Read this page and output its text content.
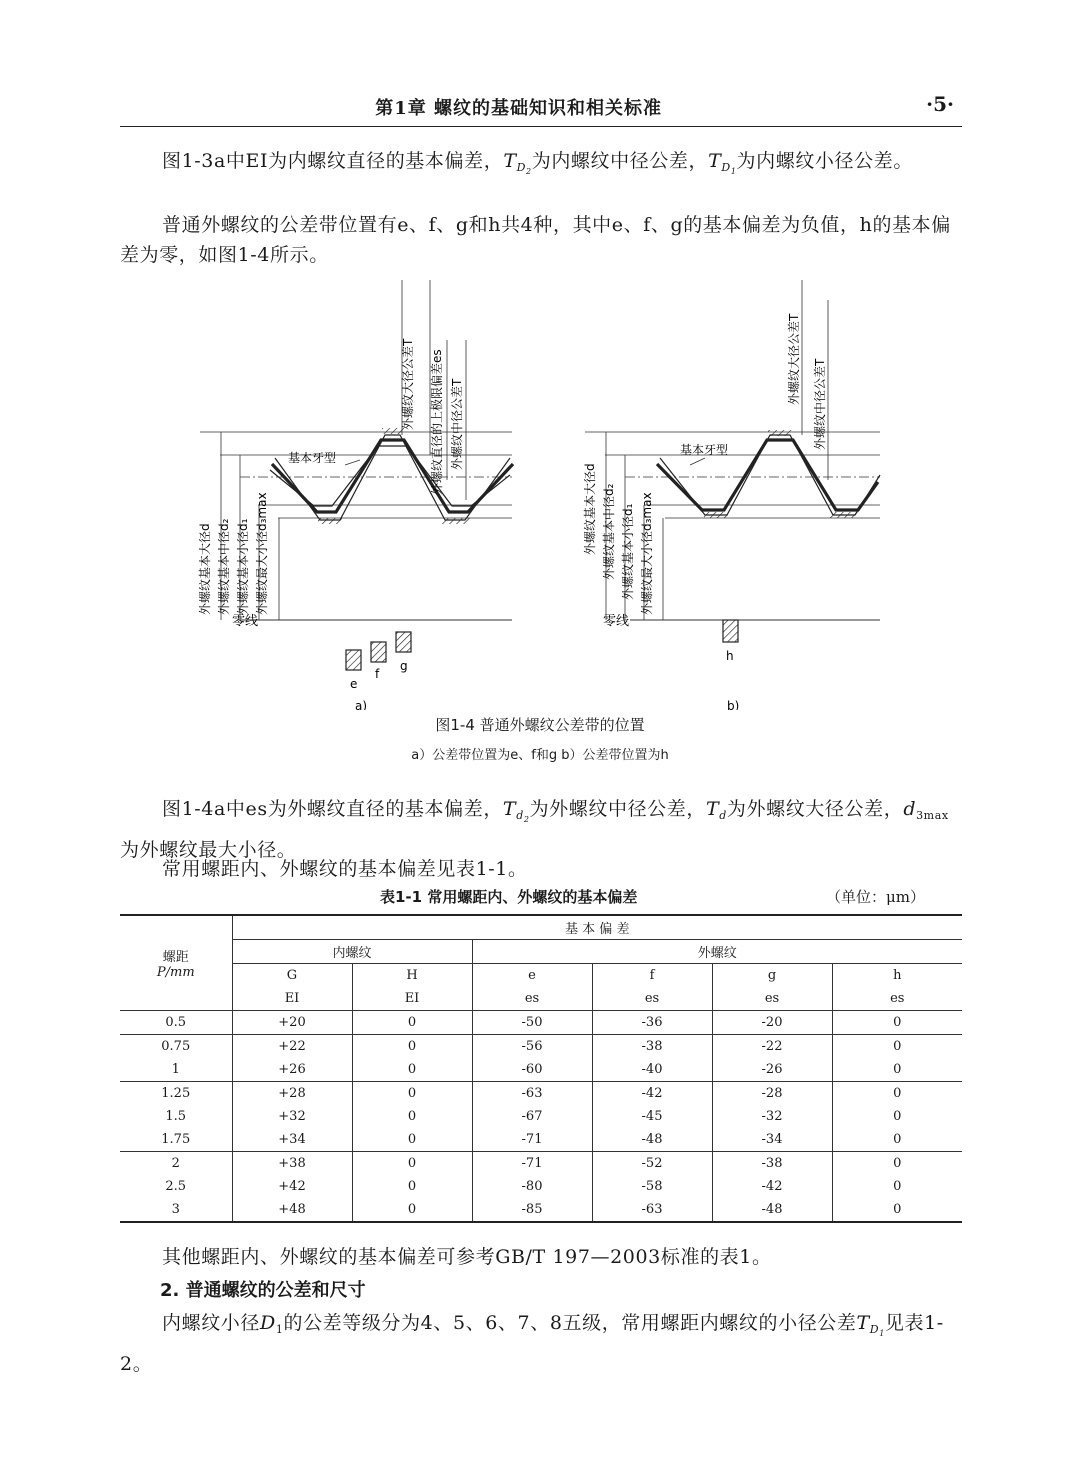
第1章 螺纹的基础知识和相关标准	·5·
图1-3a中EI为内螺纹直径的基本偏差，$T_{D_2}$为内螺纹中径公差，$T_{D_1}$为内螺纹小径公差。
普通外螺纹的公差带位置有e、f、g和h共4种，其中e、f、g的基本偏差为负值，h的基本偏差为零，如图1-4所示。
基本牙型
外螺纹基本大径d 外螺纹基本中径d₂ 外螺纹基本小径d₁ 外螺纹最大小径d₃max
外螺纹大径公差T 外螺纹直径的上极限偏差es 外螺纹中径公差T
零线
e
f
g
a)
基本牙型
外螺纹基本大径d 外螺纹基本中径d₂ 外螺纹基本小径d₁ 外螺纹最大小径d₃max
外螺纹大径公差T 外螺纹中径公差T
零线
h
b)
图1-4 普通外螺纹公差带的位置
a）公差带位置为e、f和g b）公差带位置为h
图1-4a中es为外螺纹直径的基本偏差，$T_{d_2}$为外螺纹中径公差，$T_d$为外螺纹大径公差，$d_{3max}$为外螺纹最大小径。
常用螺距内、外螺纹的基本偏差见表1-1。
表1-1 常用螺距内、外螺纹的基本偏差	（单位：μm）
螺距
P/mm	基 本 偏 差					
	内螺纹		外螺纹			
	G	H	e	f	g	h
	EI	EI	es	es	es	es
0.5	+20	0	-50	-36	-20	0
0.75	+22	0	-56	-38	-22	0
1	+26	0	-60	-40	-26	0
1.25	+28	0	-63	-42	-28	0
1.5	+32	0	-67	-45	-32	0
1.75	+34	0	-71	-48	-34	0
2	+38	0	-71	-52	-38	0
2.5	+42	0	-80	-58	-42	0
3	+48	0	-85	-63	-48	0
其他螺距内、外螺纹的基本偏差可参考GB/T 197—2003标准的表1。
2. 普通螺纹的公差和尺寸
内螺纹小径$D_1$的公差等级分为4、5、6、7、8五级，常用螺距内螺纹的小径公差$T_{D_1}$见表1-2。
